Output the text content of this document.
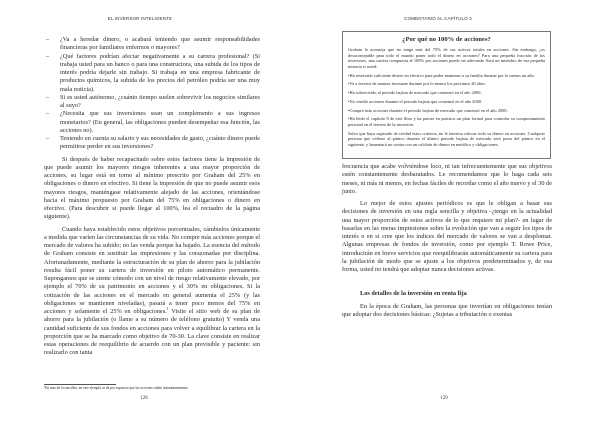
EL INVERSOR INTELIGENTE
– ¿Va a heredar dinero, o acabará teniendo que asumir responsabilidades financieras por familiares enfermos o mayores?
– ¿Qué factores podrían afectar negativamente a su carrera profesional? (Si trabaja usted para un banco o para una constructora, una subida de los tipos de interés podría dejarle sin trabajo. Si trabaja en una empresa fabricante de productos químicos, la subida de los precios del petróleo podría ser una muy mala noticia).
– Si es usted autónomo, ¿cuánto tiempo suelen sobrevivir los negocios similares al suyo?
– ¿Necesita que sus inversiones sean un complemento a sus ingresos monetarios? (En general, las obligaciones pueden desempeñar esa función, las acciones no).
– Teniendo en cuenta su salario y sus necesidades de gasto, ¿cuánto dinero puede permitirse perder en sus inversiones?

Si después de haber recapacitado sobre estos factores tiene la impresión de que puede asumir los mayores riesgos inherentes a una mayor proporción de acciones, su lugar está en torno al mínimo prescrito por Graham del 25% en obligaciones o dinero en efectivo. Si tiene la impresión de que no puede asumir esos mayores riesgos, manténgase relativamente alejado de las acciones, orientándose hacia el máximo propuesto por Graham del 75% en obligaciones o dinero en efectivo. (Para descubrir si puede llegar al 100%, lea el recuadro de la página siguiente).

Cuando haya establecido estos objetivos porcentuales, cámbielos únicamente a medida que varíen las circunstancias de su vida. No compre más acciones porque el mercado de valores ha subido; no las venda porque ha bajado. La esencia del método de Graham consiste en sustituir las impresiones y las corazonadas por disciplina. Afortunadamente, mediante la estructuración de su plan de ahorro para la jubilación resulta fácil poner su cartera de inversión en piloto automático permanente. Supongamos que se siente cómodo con un nivel de riesgo relativamente elevado, por ejemplo el 70% de su patrimonio en acciones y el 30% en obligaciones. Si la cotización de las acciones en el mercado en general aumenta el 25% (y las obligaciones se mantienen niveladas), pasará a tener poco menos del 75% en acciones y solamente el 25% en obligaciones.$^1$ Visite el sitio web de su plan de ahorro para la jubilación (o llame a su número de teléfono gratuito) Y venda una cantidad suficiente de sus fondos en acciones para volver a equilibrar la cartera en la proporción que se ha marcado como objetivo de 70-30. La clave consiste en realizar estas operaciones de reequilibrio de acuerdo con un plan previsible y paciente: sin realizarlo con tanta

¹En aras de la sencillez, en este ejemplo se da por supuesto que las acciones suben instantáneamente.
128
COMENTARIO AL CAPÍTULO 4
¿Por qué no 100% de acciones?

Graham le aconseja que no tenga más del 75% de sus activos totales en acciones. Sin embargo, ¿es desaconsejable para todo el mundo poner todo el dinero en acciones? Para una pequeña fracción de los inversores, una cartera compuesta al 100% por acciones puede ser adecuada. Será un miembro de esa pequeña minoría si usted:

•Ha reservado suficiente dinero en efectivo para poder mantener a su familia durante por lo menos un año.

•Va a invertir de manera incesante durante por lo menos los próximos 20 años.

•Ha sobrevivido al periodo bajista de mercado que comenzó en el año 2000.

•No vendió acciones durante el periodo bajista que comenzó en el año 2000.

•Compró más acciones durante el periodo bajista de mercado que comenzó en el año 2000.

•Ha leído el capítulo 8 de este libro y ha puesto en práctica un plan formal para controlar su comportamiento personal en el terreno de la inversión.

Salvo que haya superado de verdad estos criterios, no le interesa colocar todo su dinero en acciones. Cualquier persona que cediese al pánico durante el último periodo bajista de mercado será presa del pánico en el siguiente, y lamentará no contar con un colchón de dinero en metálico y obligaciones.

frecuencia que acabe volviéndose loco, ni tan infrecuentemente que sus objetivos estén constantemente desbaratados. Le recomendamos que lo haga cada seis meses, ni más ni menos, en fechas fáciles de recordar como el año nuevo y el 30 de junio.

Lo mejor de estos ajustes periódicos es que le obligan a basar sus decisiones de inversión en una regla sencilla y objetiva -¿tengo en la actualidad una mayor proporción de estos activos de lo que requiere mi plan?- en lugar de basarlas en las meras impresiones sobre la evolución que van a seguir los tipos de interés o en si cree que los índices del mercado de valores se van a desplomar. Algunas empresas de fondos de inversión, como por ejemplo T. Rowe Price, introducirán en breve servicios que reequilibrarán automáticamente su cartera para la jubilación de modo que se ajuste a los objetivos predeterminados y, de esa forma, usted no tendrá que adoptar nunca decisiones activas.

Los detalles de la inversión en renta fija

En la época de Graham, las personas que invertían en obligaciones tenían que adoptar dos decisiones básicas: ¿Sujetas a tributación o exentas

129
